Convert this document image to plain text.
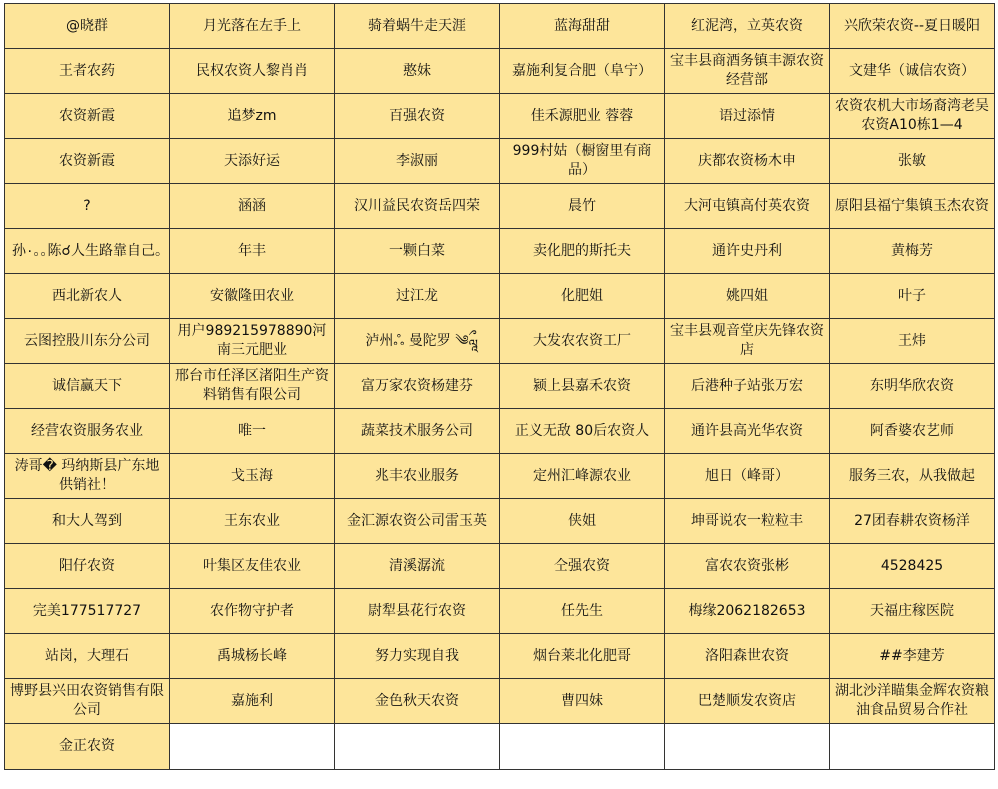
@晓群	月光落在左手上	骑着蜗牛走天涯	蓝海甜甜	红泥湾，立英农资	兴欣荣农资--夏日暖阳
王者农药	民权农资人黎肖肖	憨妹	嘉施利复合肥（阜宁）	宝丰县商酒务镇丰源农资经营部	文建华（诚信农资）
农资新霞	追梦zm	百强农资	佳禾源肥业 蓉蓉	语过添情	农资农机大市场裔湾老吴农资A10栋1—4
农资新霞	天添好运	李淑丽	999村姑（橱窗里有商品）	庆都农资杨木申	张敏
?	涵涵	汉川益民农资岳四荣	晨竹	大河屯镇高付英农资	原阳县福宁集镇玉杰农资
孙۰｡｡陈☌人生路靠自己｡	年丰	一颗白菜	卖化肥的斯托夫	通许史丹利	黄梅芳
西北新农人	安徽隆田农业	过江龙	化肥姐	姚四姐	叶子
云图控股川东分公司	用户989215978890河南三元肥业	泸州ஃ 曼陀罗 ༄ཹ	大发农农资工厂	宝丰县观音堂庆先锋农资店	王炜
诚信赢天下	邢台市任泽区渚阳生产资料销售有限公司	富万家农资杨建芬	颍上县嘉禾农资	后港种子站张万宏	东明华欣农资
经营农资服务农业	唯一	蔬菜技术服务公司	正义无敌 80后农资人	通许县高光华农资	阿香婆农艺师
涛哥� 玛纳斯县广东地供销社！	戈玉海	兆丰农业服务	定州汇峰源农业	旭日（峰哥）	服务三农，从我做起
和大人驾到	王东农业	金汇源农资公司雷玉英	侠姐	坤哥说农一粒粒丰	27团春耕农资杨洋
阳仔农资	叶集区友佳农业	清溪潺流	仝强农资	富农农资张彬	4528425
完美177517727	农作物守护者	尉犁县花行农资	任先生	梅缘2062182653	天福庄稼医院
站岗，大理石	禹城杨长峰	努力实现自我	烟台莱北化肥哥	洛阳森世农资	##李建芳
博野县兴田农资销售有限公司	嘉施利	金色秋天农资	曹四妹	巴楚顺发农资店	湖北沙洋瞄集金辉农资粮油食品贸易合作社
金正农资					
